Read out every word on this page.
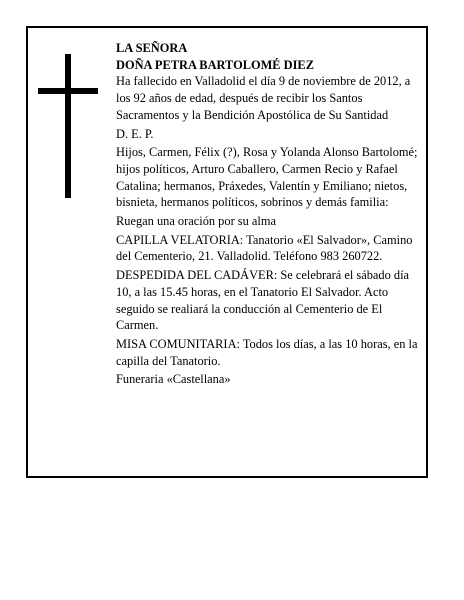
LA SEÑORA

DOÑA PETRA BARTOLOMÉ DIEZ

Ha fallecido en Valladolid el día 9 de noviembre de 2012, a los 92 años de edad, después de recibir los Santos Sacramentos y la Bendición Apostólica de Su Santidad

D. E. P.

Hijos, Carmen, Félix (?), Rosa y Yolanda Alonso Bartolomé; hijos políticos, Arturo Caballero, Carmen Recio y Rafael Catalina; hermanos, Práxedes, Valentín y Emiliano; nietos, bisnieta, hermanos políticos, sobrinos y demás familia:

Ruegan una oración por su alma

CAPILLA VELATORIA: Tanatorio «El Salvador», Camino del Cementerio, 21. Valladolid. Teléfono 983 260722.

DESPEDIDA DEL CADÁVER: Se celebrará el sábado día 10, a las 15.45 horas, en el Tanatorio El Salvador. Acto seguido se realiará la conducción al Cementerio de El Carmen.

MISA COMUNITARIA: Todos los días, a las 10 horas, en la capilla del Tanatorio.

Funeraria «Castellana»
